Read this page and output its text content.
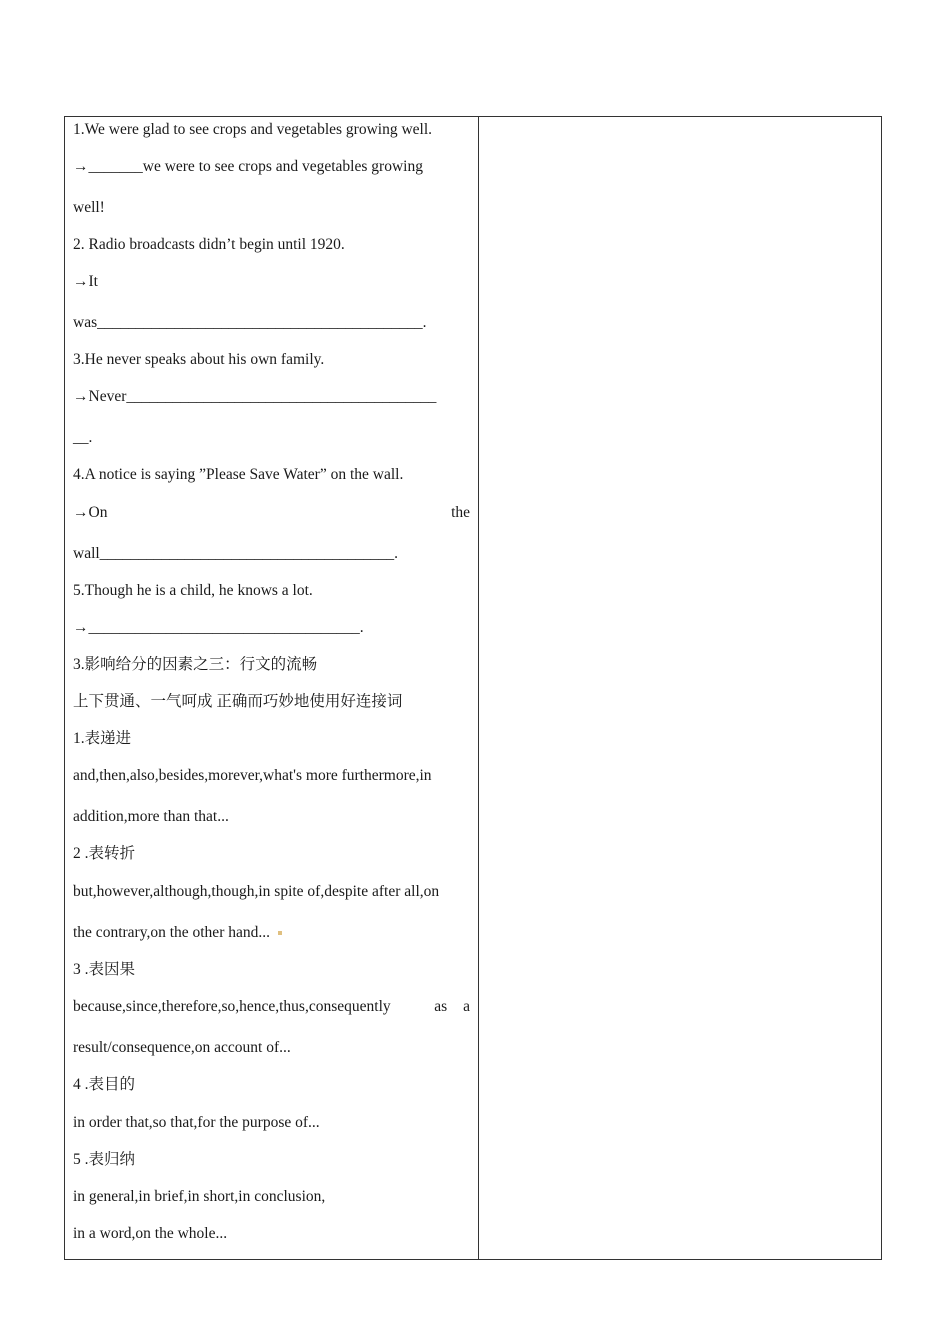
1.We were glad to see crops and vegetables growing well.
→_______we were to see crops and vegetables growing
well!
2. Radio broadcasts didn’t begin until 1920.
→It
was__________________________________________.
3.He never speaks about his own family.
→Never________________________________________
__.
4.A notice is saying ”Please Save Water” on the wall.
→On	the
wall______________________________________.
5.Though he is a child, he knows a lot.
→___________________________________.
3.影响给分的因素之三：行文的流畅
上下贯通、一气呵成 正确而巧妙地使用好连接词
1.表递进
and,then,also,besides,morever,what's more furthermore,in
addition,more than that...
2 .表转折
but,however,although,though,in spite of,despite after all,on
the contrary,on the other hand...
3 .表因果
because,since,therefore,so,hence,thus,consequently	as a
result/consequence,on account of...
4 .表目的
in order that,so that,for the purpose of...
5 .表归纳
in general,in brief,in short,in conclusion,
in a word,on the whole...
